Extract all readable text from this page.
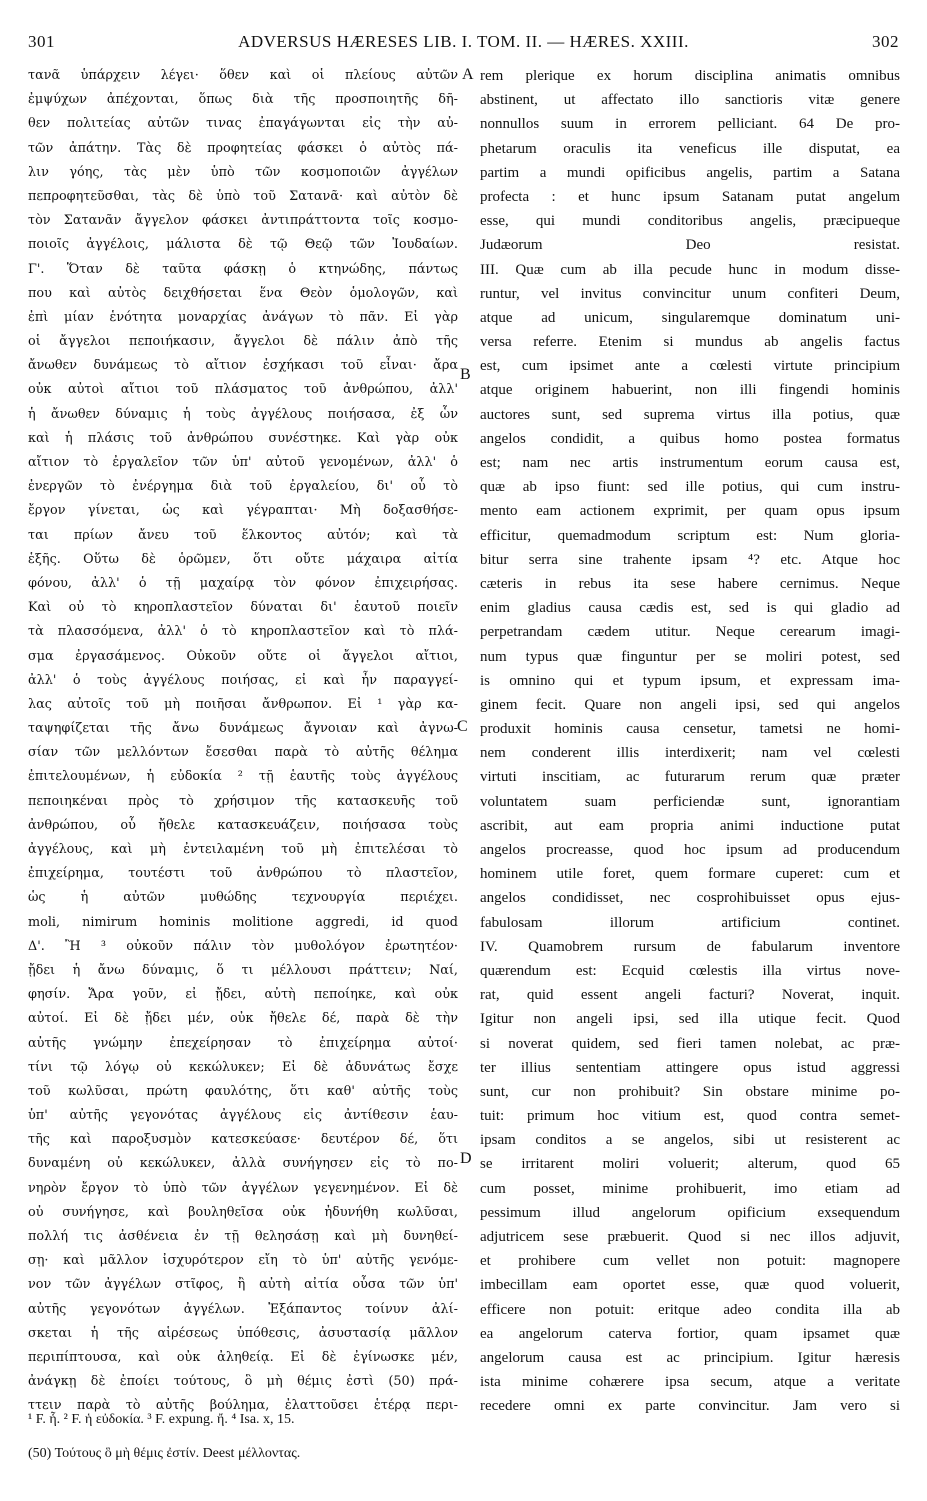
301	ADVERSUS HÆRESES LIB. I. TOM. II. — HÆRES. XXIII.	302
A
B
C
D
τανᾶ ὑπάρχειν λέγει· ὅθεν καὶ οἱ πλείους αὐτῶν
ἐμψύχων ἀπέχονται, ὅπως διὰ τῆς προσποιητῆς δῆ-
θεν πολιτείας αὐτῶν τινας ἐπαγάγωνται εἰς τὴν αὐ-
τῶν ἀπάτην. Τὰς δὲ προφητείας φάσκει ὁ αὐτὸς πά-
λιν γόης, τὰς μὲν ὑπὸ τῶν κοσμοποιῶν ἀγγέλων
πεπροφητεῦσθαι, τὰς δὲ ὑπὸ τοῦ Σατανᾶ· καὶ αὐτὸν δὲ
τὸν Σατανᾶν ἄγγελον φάσκει ἀντιπράττοντα τοῖς κοσμο-
ποιοῖς ἀγγέλοις, μάλιστα δὲ τῷ Θεῷ τῶν Ἰουδαίων.
Γ'. Ὅταν δὲ ταῦτα φάσκῃ ὁ κτηνώδης, πάντως
που καὶ αὐτὸς δειχθήσεται ἕνα Θεὸν ὁμολογῶν, καὶ
ἐπὶ μίαν ἑνότητα μοναρχίας ἀνάγων τὸ πᾶν. Εἰ γὰρ
οἱ ἄγγελοι πεποιήκασιν, ἄγγελοι δὲ πάλιν ἀπὸ τῆς
ἄνωθεν δυνάμεως τὸ αἴτιον ἐσχήκασι τοῦ εἶναι· ἄρα
οὐκ αὐτοὶ αἴτιοι τοῦ πλάσματος τοῦ ἀνθρώπου, ἀλλ'
ἡ ἄνωθεν δύναμις ἡ τοὺς ἀγγέλους ποιήσασα, ἐξ ὧν
καὶ ἡ πλάσις τοῦ ἀνθρώπου συνέστηκε. Καὶ γὰρ οὐκ
αἴτιον τὸ ἐργαλεῖον τῶν ὑπ' αὐτοῦ γενομένων, ἀλλ' ὁ
ἐνεργῶν τὸ ἐνέργημα διὰ τοῦ ἐργαλείου, δι' οὗ τὸ
ἔργον γίνεται, ὡς καὶ γέγραπται· Μὴ δοξασθήσε-
ται πρίων ἄνευ τοῦ ἕλκοντος αὐτόν; καὶ τὰ
ἑξῆς. Οὕτω δὲ ὁρῶμεν, ὅτι οὔτε μάχαιρα αἰτία
φόνου, ἀλλ' ὁ τῇ μαχαίρᾳ τὸν φόνον ἐπιχειρήσας.
Καὶ οὐ τὸ κηροπλαστεῖον δύναται δι' ἑαυτοῦ ποιεῖν
τὰ πλασσόμενα, ἀλλ' ὁ τὸ κηροπλαστεῖον καὶ τὸ πλά-
σμα ἐργασάμενος. Οὐκοῦν οὔτε οἱ ἄγγελοι αἴτιοι,
ἀλλ' ὁ τοὺς ἀγγέλους ποιήσας, εἰ καὶ ἦν παραγγεί-
λας αὐτοῖς τοῦ μὴ ποιῆσαι ἄνθρωπον. Εἰ ¹ γὰρ κα-
ταψηφίζεται τῆς ἄνω δυνάμεως ἄγνοιαν καὶ ἀγνω-
σίαν τῶν μελλόντων ἔσεσθαι παρὰ τὸ αὐτῆς θέλημα
ἐπιτελουμένων, ἡ εὐδοκία ² τῇ ἑαυτῆς τοὺς ἀγγέλους
πεποιηκέναι πρὸς τὸ χρήσιμον τῆς κατασκευῆς τοῦ
ἀνθρώπου, οὗ ἤθελε κατασκευάζειν, ποιήσασα τοὺς
ἀγγέλους, καὶ μὴ ἐντειλαμένη τοῦ μὴ ἐπιτελέσαι τὸ
ἐπιχείρημα, τουτέστι τοῦ ἀνθρώπου τὸ πλαστεῖον,
ὡς ἡ αὐτῶν μυθώδης τεχνουργία περιέχει.
moli, nimirum hominis molitione aggredi, id quod
Δ'. Ἢ ³ οὐκοῦν πάλιν τὸν μυθολόγον ἐρωτητέον·
ᾔδει ἡ ἄνω δύναμις, ὅ τι μέλλουσι πράττειν; Ναί,
φησίν. Ἄρα γοῦν, εἰ ᾔδει, αὐτὴ πεποίηκε, καὶ οὐκ
αὐτοί. Εἰ δὲ ᾔδει μέν, οὐκ ἤθελε δέ, παρὰ δὲ τὴν
αὐτῆς γνώμην ἐπεχείρησαν τὸ ἐπιχείρημα αὐτοί·
τίνι τῷ λόγῳ οὐ κεκώλυκεν; Εἰ δὲ ἀδυνάτως ἔσχε
τοῦ κωλῦσαι, πρώτη φαυλότης, ὅτι καθ' αὐτῆς τοὺς
ὑπ' αὐτῆς γεγονότας ἀγγέλους εἰς ἀντίθεσιν ἑαυ-
τῆς καὶ παροξυσμὸν κατεσκεύασε· δευτέρον δέ, ὅτι
δυναμένη οὐ κεκώλυκεν, ἀλλὰ συνήγησεν εἰς τὸ πο-
νηρὸν ἔργον τὸ ὑπὸ τῶν ἀγγέλων γεγενημένον. Εἰ δὲ
οὐ συνήγησε, καὶ βουληθεῖσα οὐκ ἠδυνήθη κωλῦσαι,
πολλή τις ἀσθένεια ἐν τῇ θελησάσῃ καὶ μὴ δυνηθεί-
σῃ· καὶ μᾶλλον ἰσχυρότερον εἴη τὸ ὑπ' αὐτῆς γενόμε-
νον τῶν ἀγγέλων στῖφος, ἢ αὐτὴ αἰτία οὖσα τῶν ὑπ'
αὐτῆς γεγονότων ἀγγέλων. Ἐξάπαντος τοίνυν ἀλί-
σκεται ἡ τῆς αἱρέσεως ὑπόθεσις, ἀσυστασίᾳ μᾶλλον
περιπίπτουσα, καὶ οὐκ ἀληθείᾳ. Εἰ δὲ ἐγίνωσκε μέν,
ἀνάγκῃ δὲ ἐποίει τούτους, ὃ μὴ θέμις ἐστὶ (50) πρά-
ττειν παρὰ τὸ αὐτῆς βούλημα, ἐλαττοῦσει ἑτέρᾳ περι-
rem plerique ex horum disciplina animatis omnibus
abstinent, ut affectato illo sanctioris vitæ genere
nonnullos suum in errorem pelliciant. 64 De pro-
phetarum oraculis ita veneficus ille disputat, ea
partim a mundi opificibus angelis, partim a Satana
profecta : et hunc ipsum Satanam putat angelum
esse, qui mundi conditoribus angelis, præcipueque
Judæorum Deo resistat.
III. Quæ cum ab illa pecude hunc in modum disse-
runtur, vel invitus convincitur unum confiteri Deum,
atque ad unicum, singularemque dominatum uni-
versa referre. Etenim si mundus ab angelis factus
est, cum ipsimet ante a cœlesti virtute principium
atque originem habuerint, non illi fingendi hominis
auctores sunt, sed suprema virtus illa potius, quæ
angelos condidit, a quibus homo postea formatus
est; nam nec artis instrumentum eorum causa est,
quæ ab ipso fiunt: sed ille potius, qui cum instru-
mento eam actionem exprimit, per quam opus ipsum
efficitur, quemadmodum scriptum est: Num gloria-
bitur serra sine trahente ipsam ⁴? etc. Atque hoc
cæteris in rebus ita sese habere cernimus. Neque
enim gladius causa cædis est, sed is qui gladio ad
perpetrandam cædem utitur. Neque cerearum imagi-
num typus quæ finguntur per se moliri potest, sed
is omnino qui et typum ipsum, et expressam ima-
ginem fecit. Quare non angeli ipsi, sed qui angelos
produxit hominis causa censetur, tametsi ne homi-
nem conderent illis interdixerit; nam vel cœlesti
virtuti inscitiam, ac futurarum rerum quæ præter
voluntatem suam perficiendæ sunt, ignorantiam
ascribit, aut eam propria animi inductione putat
angelos procreasse, quod hoc ipsum ad producendum
hominem utile foret, quem formare cuperet: cum et
angelos condidisset, nec cosprohibuisset opus ejus-
fabulosam illorum artificium continet.
IV. Quamobrem rursum de fabularum inventore
quærendum est: Ecquid cœlestis illa virtus nove-
rat, quid essent angeli facturi? Noverat, inquit.
Igitur non angeli ipsi, sed illa utique fecit. Quod
si noverat quidem, sed fieri tamen nolebat, ac præ-
ter illius sententiam attingere opus istud aggressi
sunt, cur non prohibuit? Sin obstare minime po-
tuit: primum hoc vitium est, quod contra semet-
ipsam conditos a se angelos, sibi ut resisterent ac
se irritarent moliri voluerit; alterum, quod 65
cum posset, minime prohibuerit, imo etiam ad
pessimum illud angelorum opificium exsequendum
adjutricem sese præbuerit. Quod si nec illos adjuvit,
et prohibere cum vellet non potuit: magnopere
imbecillam eam oportet esse, quæ quod voluerit,
efficere non potuit: eritque adeo condita illa ab
ea angelorum caterva fortior, quam ipsamet quæ
angelorum causa est ac principium. Igitur hæresis
ista minime cohærere ipsa secum, atque a veritate
recedere omni ex parte convincitur. Jam vero si
¹ F. ἧ. ² F. ἡ εὐδοκία. ³ F. expung. ἤ. ⁴ Isa. x, 15.
(50) Τούτους ὃ μὴ θέμις ἐστίν. Deest μέλλοντας.
